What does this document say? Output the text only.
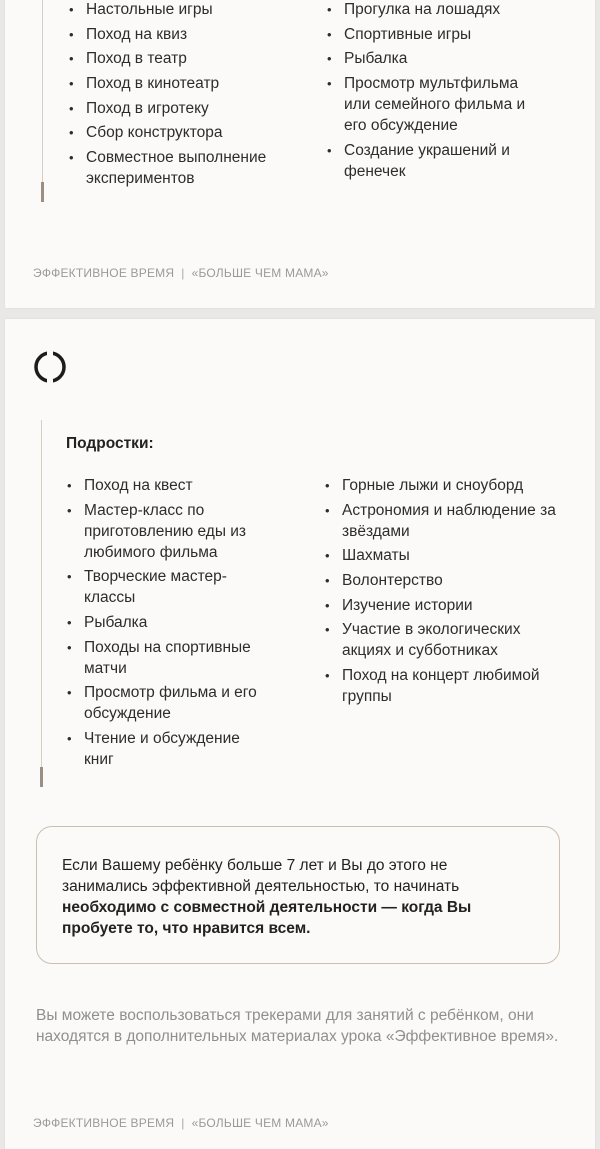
• Настольные игры
• Поход на квиз
• Поход в театр
• Поход в кинотеатр
• Поход в игротеку
• Сбор конструктора
• Совместное выполнение экспериментов
• Прогулка на лошадях
• Спортивные игры
• Рыбалка
• Просмотр мультфильма или семейного фильма и его обсуждение
• Создание украшений и фенечек
ЭФФЕКТИВНОЕ ВРЕМЯ | «БОЛЬШЕ ЧЕМ МАМА»
Подростки:
• Поход на квест
• Мастер-класс по приготовлению еды из любимого фильма
• Творческие мастер-классы
• Рыбалка
• Походы на спортивные матчи
• Просмотр фильма и его обсуждение
• Чтение и обсуждение книг
• Горные лыжи и сноуборд
• Астрономия и наблюдение за звёздами
• Шахматы
• Волонтерство
• Изучение истории
• Участие в экологических акциях и субботниках
• Поход на концерт любимой группы
Если Вашему ребёнку больше 7 лет и Вы до этого не занимались эффективной деятельностью, то начинать необходимо с совместной деятельности — когда Вы пробуете то, что нравится всем.
Вы можете воспользоваться трекерами для занятий с ребёнком, они находятся в дополнительных материалах урока «Эффективное время».
ЭФФЕКТИВНОЕ ВРЕМЯ | «БОЛЬШЕ ЧЕМ МАМА»
